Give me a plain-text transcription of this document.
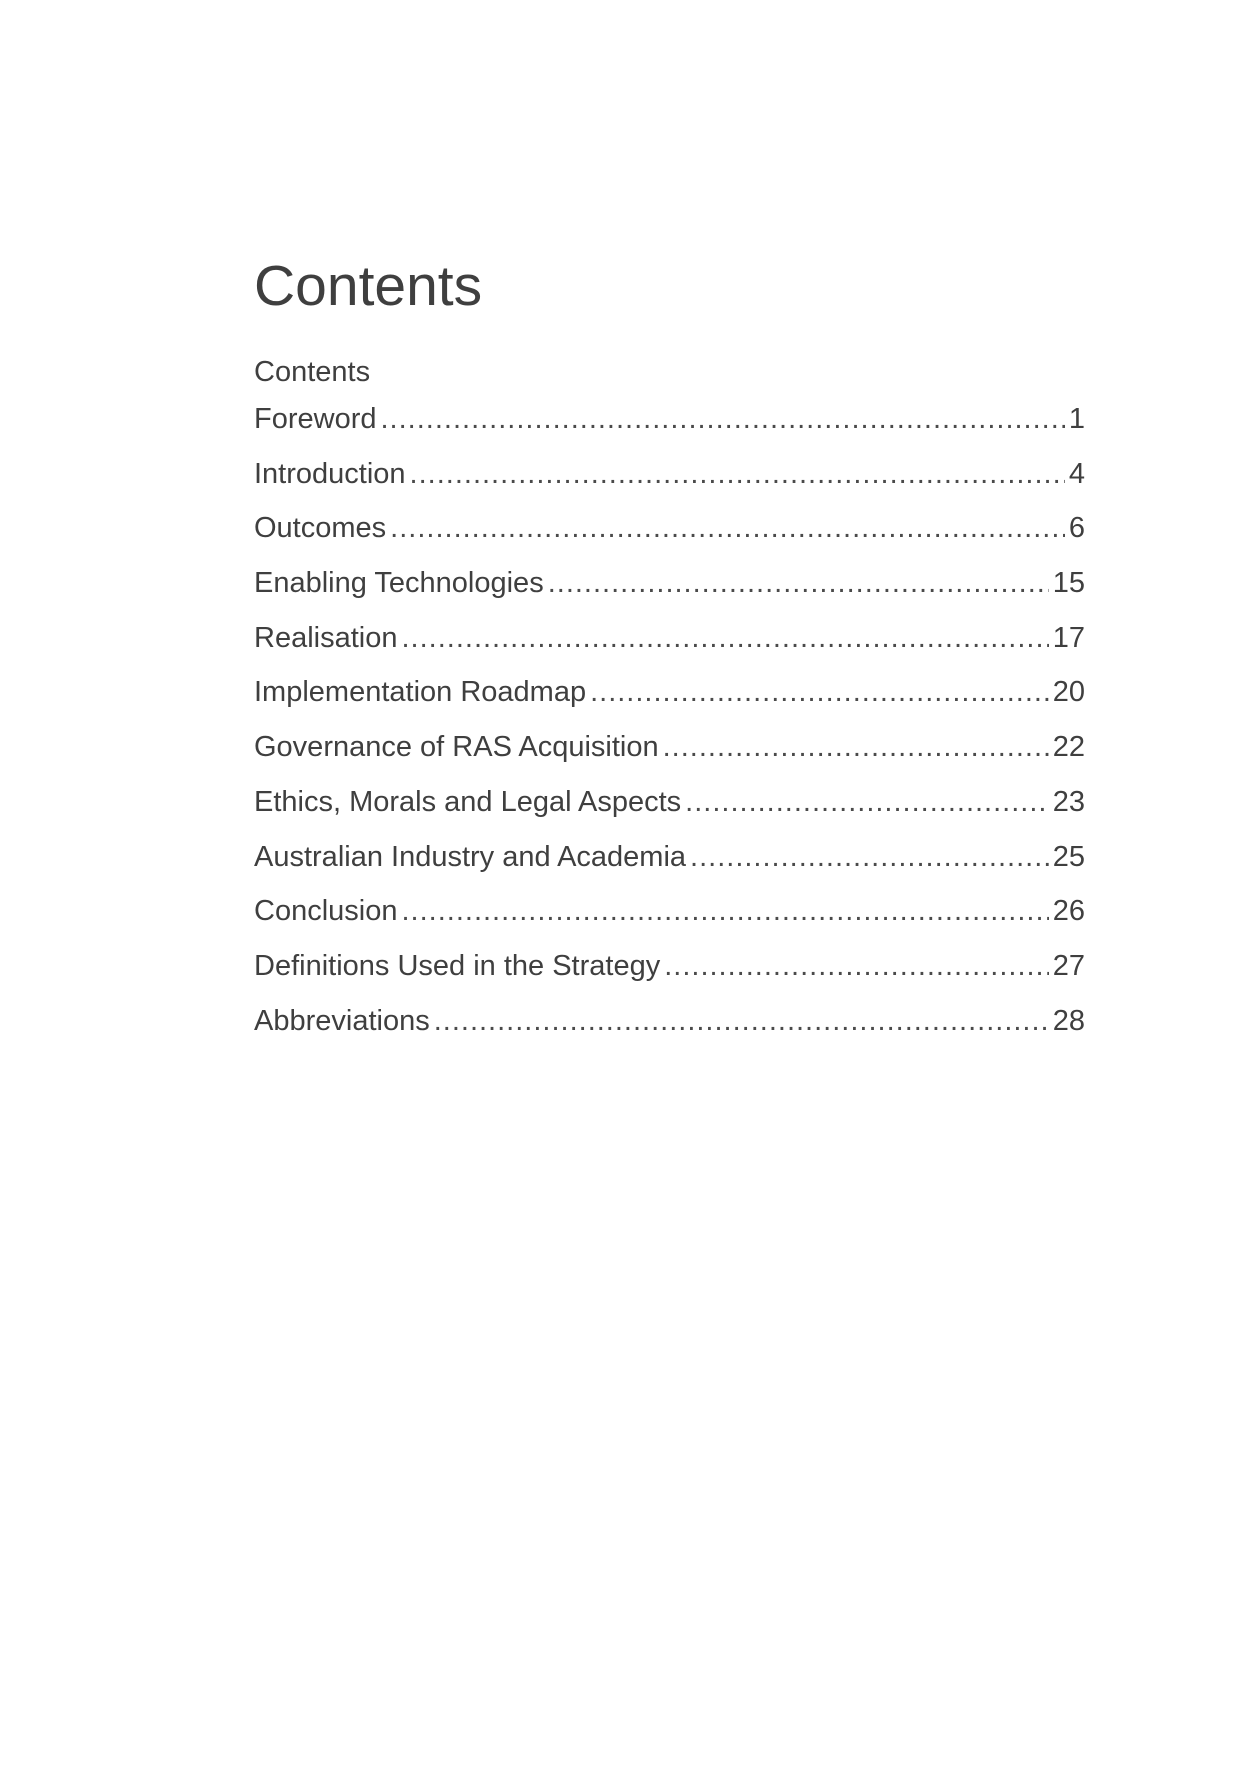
Contents
Contents
Foreword .....	1
Introduction .....	4
Outcomes .....	6
Enabling Technologies .....	15
Realisation .....	17
Implementation Roadmap .....	20
Governance of RAS Acquisition .....	22
Ethics, Morals and Legal Aspects .....	23
Australian Industry and Academia .....	25
Conclusion .....	26
Definitions Used in the Strategy .....	27
Abbreviations .....	28
